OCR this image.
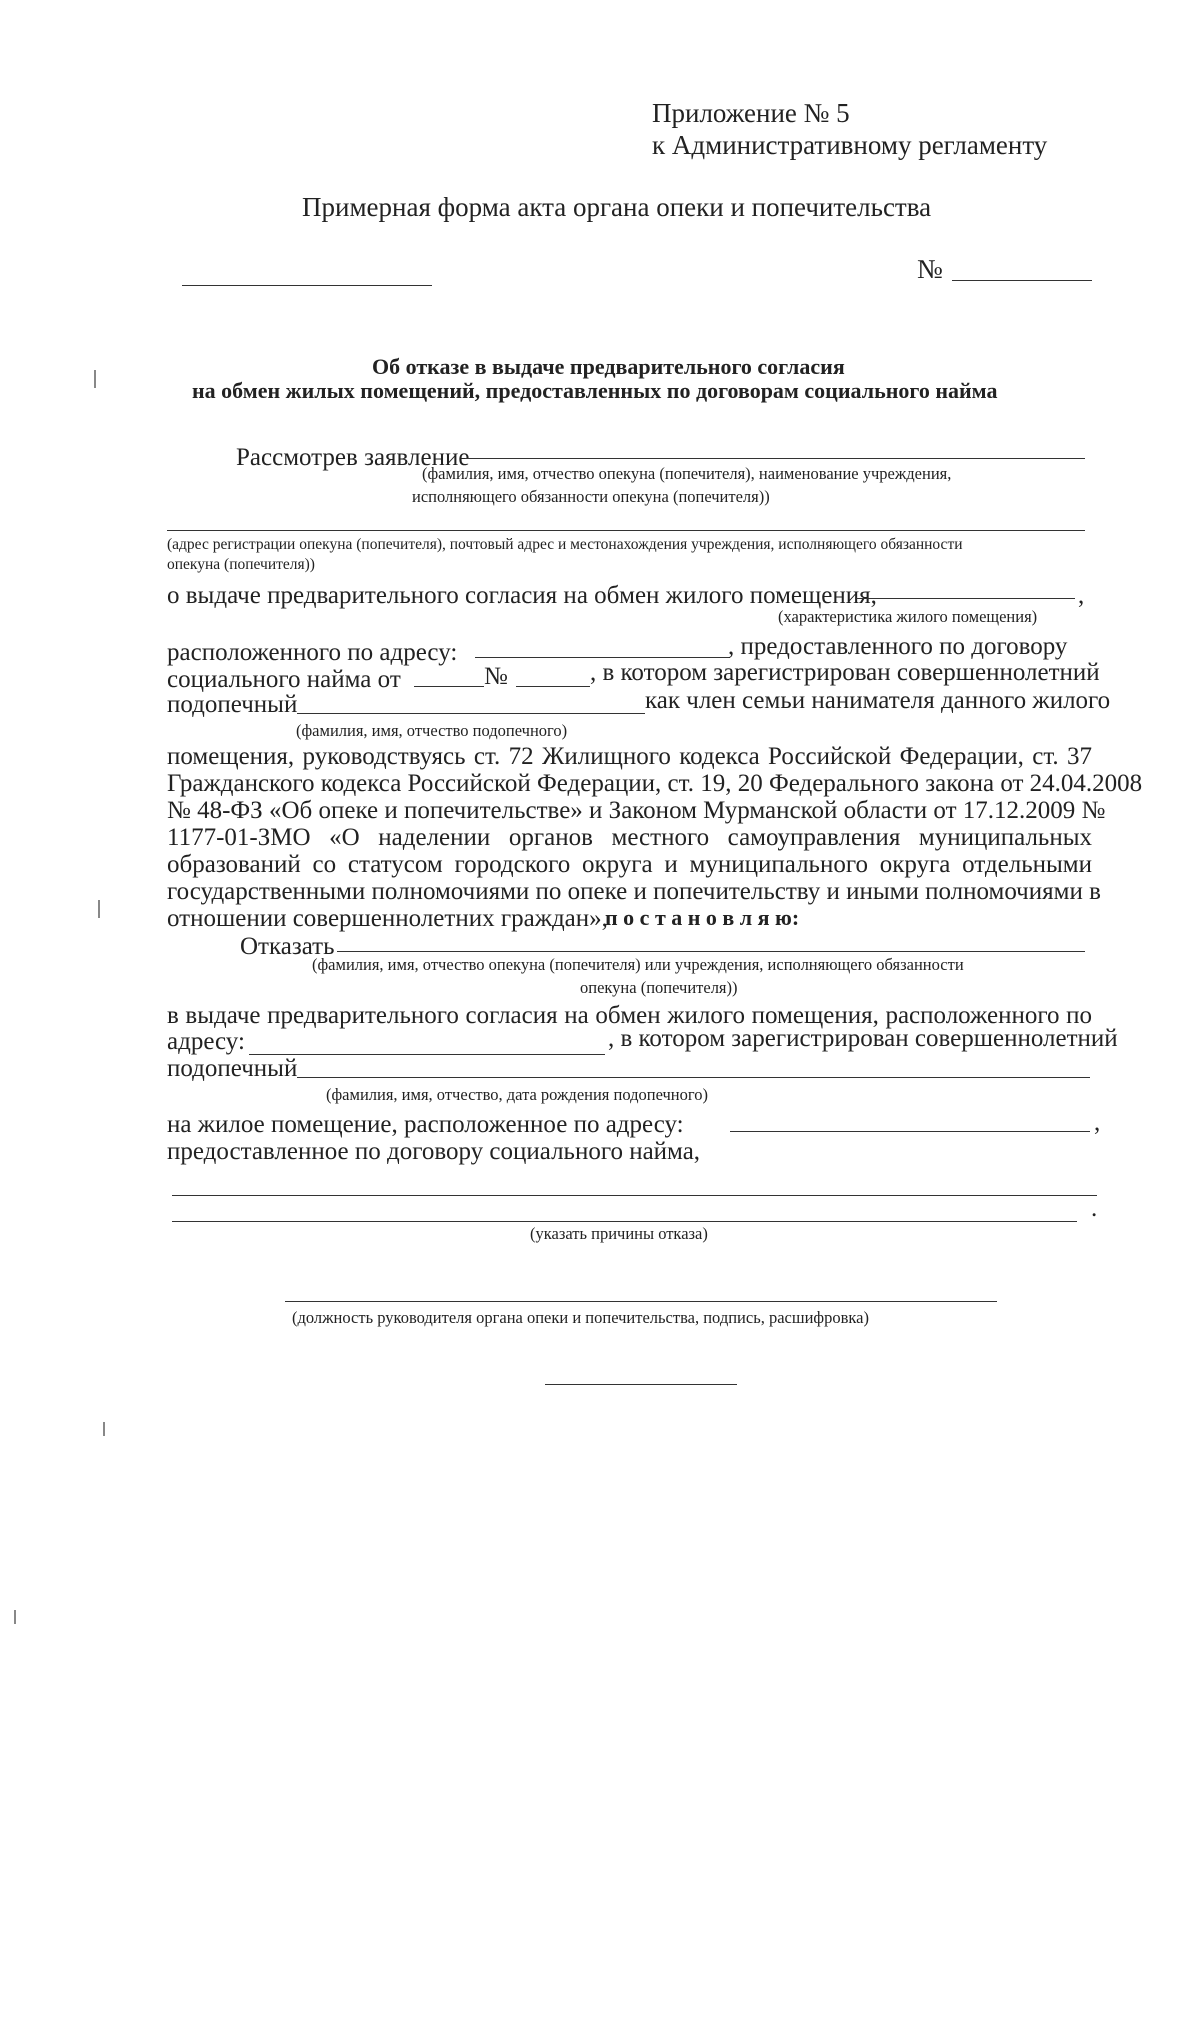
Приложение № 5
к Административному регламенту
Примерная форма акта органа опеки и попечительства
№
Об отказе в выдаче предварительного согласия
на обмен жилых помещений, предоставленных по договорам социального найма
Рассмотрев заявление
(фамилия, имя, отчество опекуна (попечителя), наименование учреждения,
исполняющего обязанности опекуна (попечителя))
(адрес регистрации опекуна (попечителя), почтовый адрес и местонахождения учреждения, исполняющего обязанности
опекуна (попечителя))
о выдаче предварительного согласия на обмен жилого помещения,	,
(характеристика жилого помещения)
расположенного по адресу:	, предоставленного по договору
социального найма от	№	, в котором зарегистрирован совершеннолетний
подопечный	как член семьи нанимателя данного жилого
(фамилия, имя, отчество подопечного)
помещения, руководствуясь ст. 72 Жилищного кодекса Российской Федерации, ст. 37
Гражданского кодекса Российской Федерации, ст. 19, 20 Федерального закона от 24.04.2008
№ 48-ФЗ «Об опеке и попечительстве» и Законом Мурманской области от 17.12.2009 №
1177-01-ЗМО «О наделении органов местного самоуправления муниципальных
образований со статусом городского округа и муниципального округа отдельными
государственными полномочиями по опеке и попечительству и иными полномочиями в
отношении совершеннолетних граждан»,
п о с т а н о в л я ю:
Отказать
(фамилия, имя, отчество опекуна (попечителя) или учреждения, исполняющего обязанности
опекуна (попечителя))
в выдаче предварительного согласия на обмен жилого помещения, расположенного по
адресу:	, в котором зарегистрирован совершеннолетний
подопечный
(фамилия, имя, отчество, дата рождения подопечного)
на жилое помещение, расположенное по адресу:	,
предоставленное по договору социального найма,
.
(указать причины отказа)
(должность руководителя органа опеки и попечительства, подпись, расшифровка)
